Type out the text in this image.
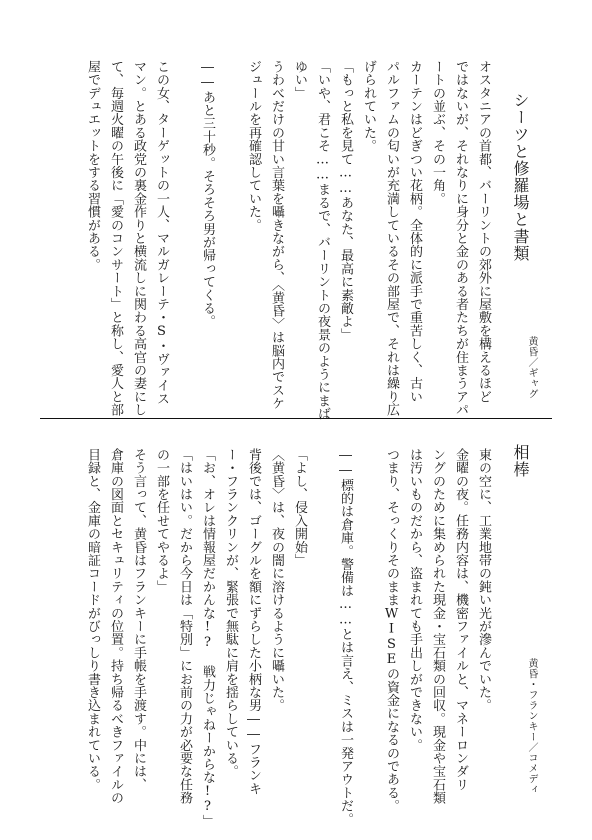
シーツと修羅場と書類
黄昏／ギャグ

オスタニアの首都、バーリントの郊外に屋敷を構えるほど

ではないが、それなりに身分と金のある者たちが住まうアパ

ートの並ぶ、その一角。

カーテンはどぎつい花柄。全体的に派手で重苦しく、古い

パルファムの匂いが充満しているその部屋で、それは繰り広

げられていた。

「もっと私を見て……あなた、最高に素敵よ」

「いや、君こそ……まるで、バーリントの夜景のようにまば

ゆい」

うわべだけの甘い言葉を囁きながら、〈黄昏〉は脳内でスケ

ジュールを再確認していた。

――あと三十秒。そろそろ男が帰ってくる。

この女、ターゲットの一人、マルガレーテ・S・ヴァイス

マン。とある政党の裏金作りと横流しに関わる高官の妻にし

て、毎週火曜の午後に「愛のコンサート」と称し、愛人と部

屋でデュエットをする習慣がある。

相棒
黄昏・フランキー／コメディ

東の空に、工業地帯の鈍い光が滲んでいた。

金曜の夜。任務内容は、機密ファイルと、マネーロンダリ

ングのために集められた現金・宝石類の回収。現金や宝石類

は汚いものだから、盗まれても手出しができない。

つまり、そっくりそのままWISEの資金になるのである。

――標的は倉庫。警備は……とは言え、ミスは一発アウトだ。

「よし、侵入開始」

〈黄昏〉は、夜の闇に溶けるように囁いた。

背後では、ゴーグルを額にずらした小柄な男――フランキ

ー・フランクリンが、緊張で無駄に肩を揺らしている。

「お、オレは情報屋だかんな!? 戦力じゃねーからな!?」

「はいはい。だから今日は「特別」にお前の力が必要な任務

の一部を任せてやるよ」

そう言って、黄昏はフランキーに手帳を手渡す。中には、

倉庫の図面とセキュリティの位置。持ち帰るべきファイルの

目録と、金庫の暗証コードがびっしり書き込まれている。
